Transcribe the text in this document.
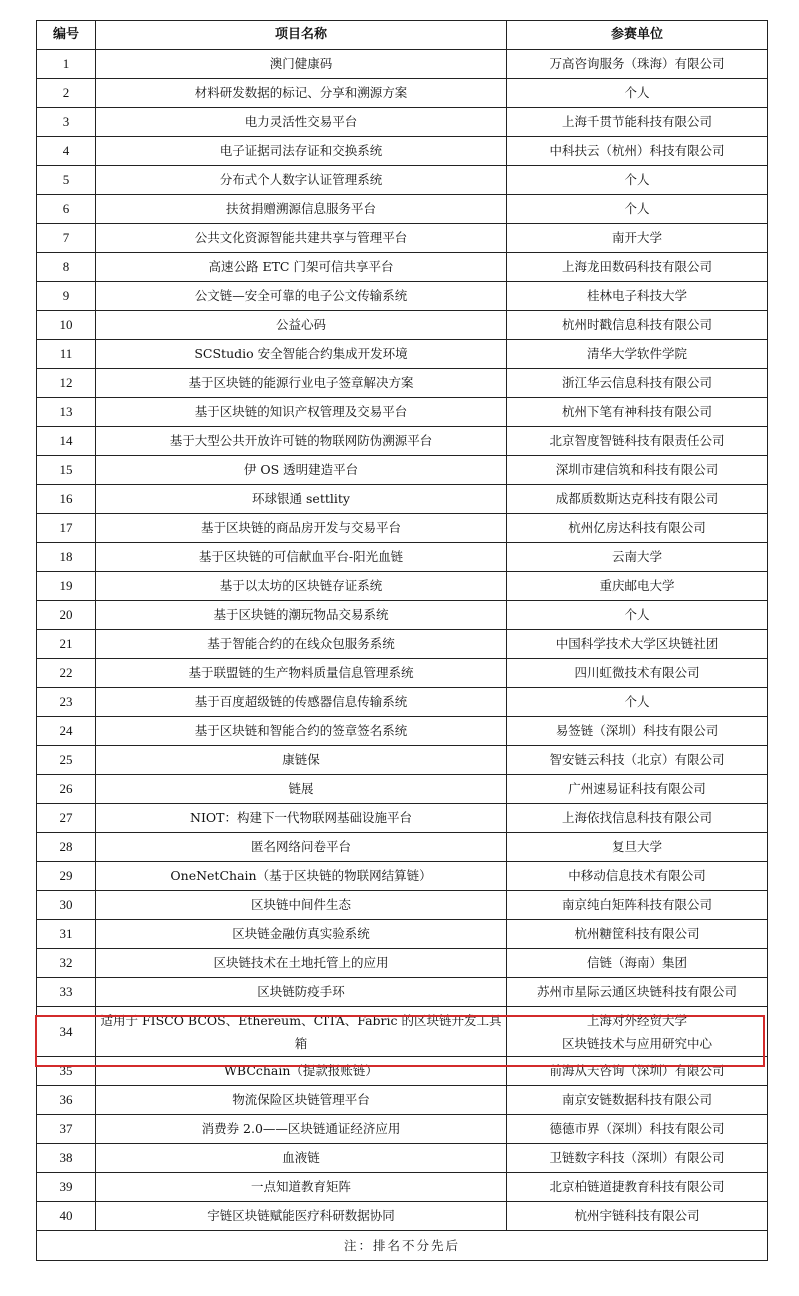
编号	项目名称	参赛单位
1	澳门健康码	万高咨询服务（珠海）有限公司
2	材料研发数据的标记、分享和溯源方案	个人
3	电力灵活性交易平台	上海千贯节能科技有限公司
4	电子证据司法存证和交换系统	中科扶云（杭州）科技有限公司
5	分布式个人数字认证管理系统	个人
6	扶贫捐赠溯源信息服务平台	个人
7	公共文化资源智能共建共享与管理平台	南开大学
8	高速公路 ETC 门架可信共享平台	上海龙田数码科技有限公司
9	公文链—安全可靠的电子公文传输系统	桂林电子科技大学
10	公益心码	杭州时戳信息科技有限公司
11	SCStudio 安全智能合约集成开发环境	清华大学软件学院
12	基于区块链的能源行业电子签章解决方案	浙江华云信息科技有限公司
13	基于区块链的知识产权管理及交易平台	杭州下笔有神科技有限公司
14	基于大型公共开放许可链的物联网防伪溯源平台	北京智度智链科技有限责任公司
15	伊 OS 透明建造平台	深圳市建信筑和科技有限公司
16	环球银通 settlity	成都质数斯达克科技有限公司
17	基于区块链的商品房开发与交易平台	杭州亿房达科技有限公司
18	基于区块链的可信献血平台-阳光血链	云南大学
19	基于以太坊的区块链存证系统	重庆邮电大学
20	基于区块链的潮玩物品交易系统	个人
21	基于智能合约的在线众包服务系统	中国科学技术大学区块链社团
22	基于联盟链的生产物料质量信息管理系统	四川虹微技术有限公司
23	基于百度超级链的传感器信息传输系统	个人
24	基于区块链和智能合约的签章签名系统	易签链（深圳）科技有限公司
25	康链保	智安链云科技（北京）有限公司
26	链展	广州速易证科技有限公司
27	NIOT：构建下一代物联网基础设施平台	上海依找信息科技有限公司
28	匿名网络问卷平台	复旦大学
29	OneNetChain（基于区块链的物联网结算链）	中移动信息技术有限公司
30	区块链中间件生态	南京纯白矩阵科技有限公司
31	区块链金融仿真实验系统	杭州糖筐科技有限公司
32	区块链技术在土地托管上的应用	信链（海南）集团
33	区块链防疫手环	苏州市星际云通区块链科技有限公司
34	适用于 FISCO BCOS、Ethereum、CITA、Fabric 的区块链开发工具箱	上海对外经贸大学
区块链技术与应用研究中心

35	WBCchain（提款报账链）	前海从天咨询（深圳）有限公司
36	物流保险区块链管理平台	南京安链数据科技有限公司
37	消费券 2.0——区块链通证经济应用	德德市界（深圳）科技有限公司
38	血液链	卫链数字科技（深圳）有限公司
39	一点知道教育矩阵	北京柏链道捷教育科技有限公司
40	宇链区块链赋能医疗科研数据协同	杭州宇链科技有限公司
注：排名不分先后		
